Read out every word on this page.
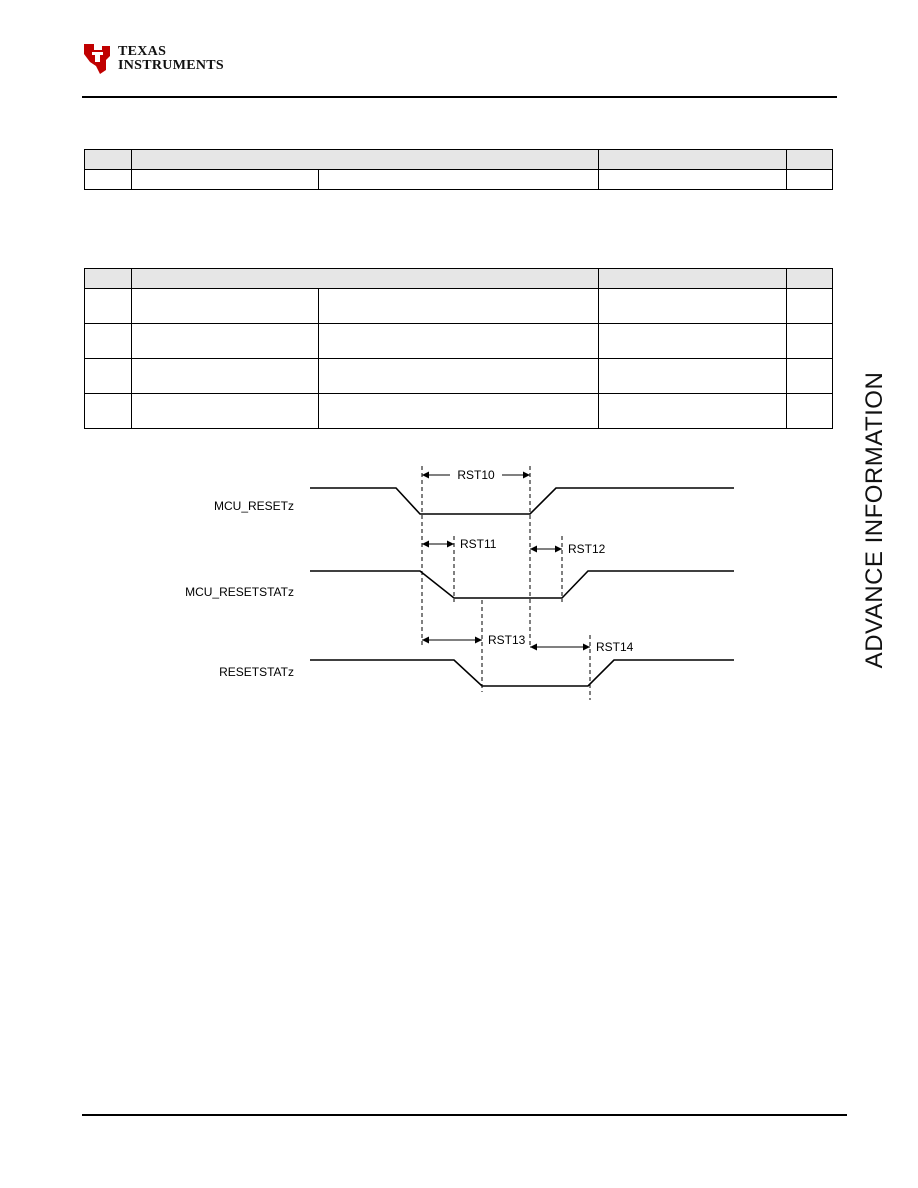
TEXAS
INSTRUMENTS

ADVANCE INFORMATION
MCU_RESETz
MCU_RESETSTATz
RESETSTATz
RST10
RST11	RST12
RST13	RST14
